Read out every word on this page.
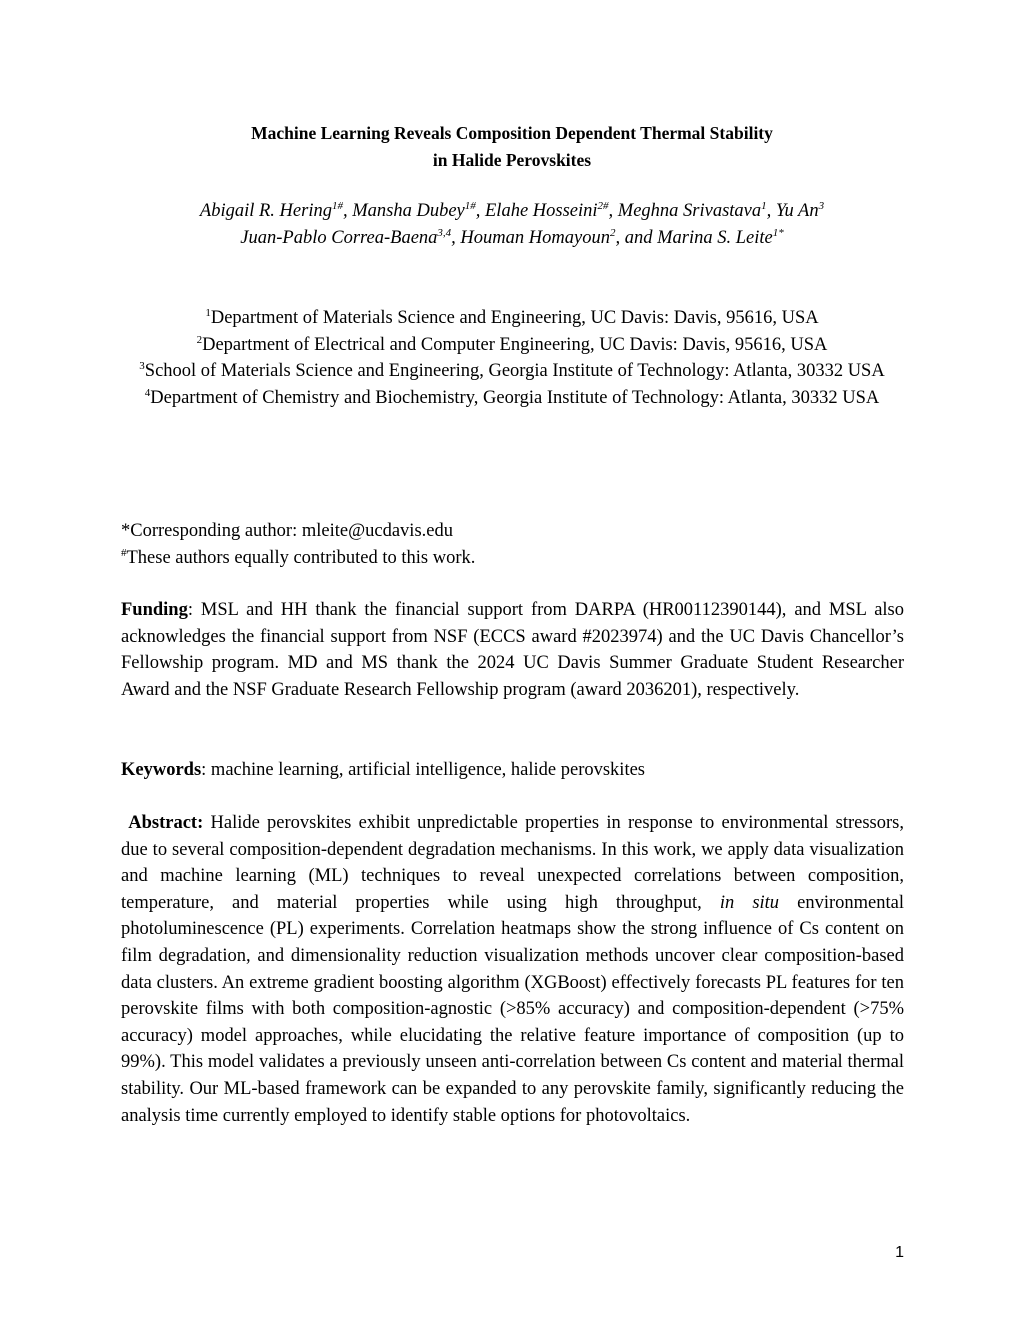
Machine Learning Reveals Composition Dependent Thermal Stability
in Halide Perovskites
Abigail R. Hering$^{1\#}$, Mansha Dubey$^{1\#}$, Elahe Hosseini$^{2\#}$, Meghna Srivastava$^1$, Yu An$^3$
Juan-Pablo Correa-Baena$^{3,4}$, Houman Homayoun$^2$, and Marina S. Leite$^{1*}$
$^1$Department of Materials Science and Engineering, UC Davis: Davis, 95616, USA
$^2$Department of Electrical and Computer Engineering, UC Davis: Davis, 95616, USA
$^3$School of Materials Science and Engineering, Georgia Institute of Technology: Atlanta, 30332 USA
$^4$Department of Chemistry and Biochemistry, Georgia Institute of Technology: Atlanta, 30332 USA
*Corresponding author: mleite@ucdavis.edu
#These authors equally contributed to this work.
Funding: MSL and HH thank the financial support from DARPA (HR00112390144), and MSL also acknowledges the financial support from NSF (ECCS award #2023974) and the UC Davis Chancellor’s Fellowship program. MD and MS thank the 2024 UC Davis Summer Graduate Student Researcher Award and the NSF Graduate Research Fellowship program (award 2036201), respectively.
Keywords: machine learning, artificial intelligence, halide perovskites
Abstract: Halide perovskites exhibit unpredictable properties in response to environmental stressors, due to several composition-dependent degradation mechanisms. In this work, we apply data visualization and machine learning (ML) techniques to reveal unexpected correlations between composition, temperature, and material properties while using high throughput, in situ environmental photoluminescence (PL) experiments. Correlation heatmaps show the strong influence of Cs content on film degradation, and dimensionality reduction visualization methods uncover clear composition-based data clusters. An extreme gradient boosting algorithm (XGBoost) effectively forecasts PL features for ten perovskite films with both composition-agnostic (>85% accuracy) and composition-dependent (>75% accuracy) model approaches, while elucidating the relative feature importance of composition (up to 99%). This model validates a previously unseen anti-correlation between Cs content and material thermal stability. Our ML-based framework can be expanded to any perovskite family, significantly reducing the analysis time currently employed to identify stable options for photovoltaics.
1
